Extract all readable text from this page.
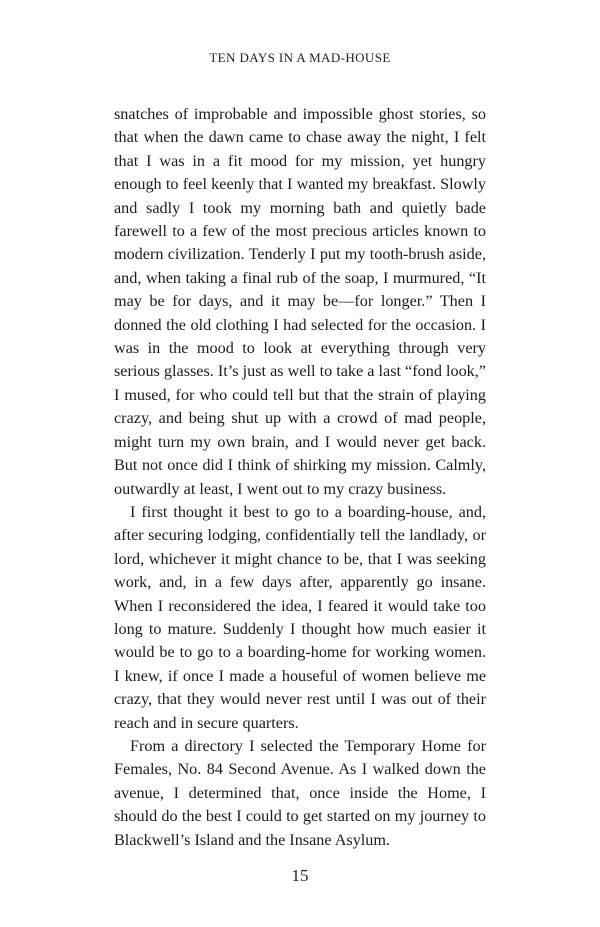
TEN DAYS IN A MAD-HOUSE

snatches of improbable and impossible ghost stories, so that when the dawn came to chase away the night, I felt that I was in a fit mood for my mission, yet hungry enough to feel keenly that I wanted my breakfast. Slowly and sadly I took my morning bath and quietly bade farewell to a few of the most precious articles known to modern civilization. Tenderly I put my tooth-brush aside, and, when taking a final rub of the soap, I murmured, “It may be for days, and it may be—for longer.” Then I donned the old clothing I had selected for the occasion. I was in the mood to look at everything through very serious glasses. It’s just as well to take a last “fond look,” I mused, for who could tell but that the strain of playing crazy, and being shut up with a crowd of mad people, might turn my own brain, and I would never get back. But not once did I think of shirking my mission. Calmly, outwardly at least, I went out to my crazy business.

I first thought it best to go to a boarding-house, and, after securing lodging, confidentially tell the landlady, or lord, whichever it might chance to be, that I was seeking work, and, in a few days after, apparently go insane. When I reconsidered the idea, I feared it would take too long to mature. Suddenly I thought how much easier it would be to go to a boarding-home for working women. I knew, if once I made a houseful of women believe me crazy, that they would never rest until I was out of their reach and in secure quarters.

From a directory I selected the Temporary Home for Females, No. 84 Second Avenue. As I walked down the avenue, I determined that, once inside the Home, I should do the best I could to get started on my journey to Blackwell’s Island and the Insane Asylum.

15
